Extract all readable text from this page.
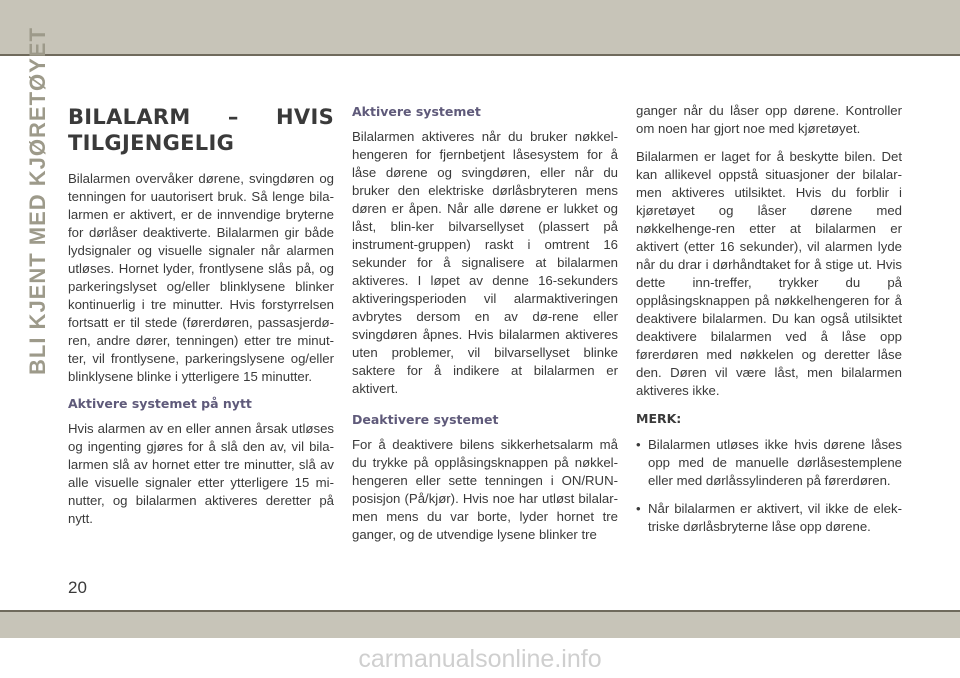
BLI KJENT MED KJØRETØYET BILALARM – HVIS TILGJENGELIG

Bilalarmen overvåker dørene, svingdøren og tenningen for uautorisert bruk. Så lenge bila-larmen er aktivert, er de innvendige bryterne for dørlåser deaktiverte. Bilalarmen gir både lydsignaler og visuelle signaler når alarmen utløses. Hornet lyder, frontlysene slås på, og parkeringslyset og/eller blinklysene blinker kontinuerlig i tre minutter. Hvis forstyrrelsen fortsatt er til stede (førerdøren, passasjerdø-ren, andre dører, tenningen) etter tre minut-ter, vil frontlysene, parkeringslysene og/eller blinklysene blinke i ytterligere 15 minutter.

Aktivere systemet på nytt

Hvis alarmen av en eller annen årsak utløses og ingenting gjøres for å slå den av, vil bila-larmen slå av hornet etter tre minutter, slå av alle visuelle signaler etter ytterligere 15 mi-nutter, og bilalarmen aktiveres deretter på nytt.

Aktivere systemet

Bilalarmen aktiveres når du bruker nøkkel-hengeren for fjernbetjent låsesystem for å låse dørene og svingdøren, eller når du bruker den elektriske dørlåsbryteren mens døren er åpen. Når alle dørene er lukket og låst, blin-ker bilvarsellyset (plassert på instrument-gruppen) raskt i omtrent 16 sekunder for å signalisere at bilalarmen aktiveres. I løpet av denne 16-sekunders aktiveringsperioden vil alarmaktiveringen avbrytes dersom en av dø-rene eller svingdøren åpnes. Hvis bilalarmen aktiveres uten problemer, vil bilvarsellyset blinke saktere for å indikere at bilalarmen er aktivert.

Deaktivere systemet

For å deaktivere bilens sikkerhetsalarm må du trykke på opplåsingsknappen på nøkkel-hengeren eller sette tenningen i ON/RUN-posisjon (På/kjør). Hvis noe har utløst bilalar-men mens du var borte, lyder hornet tre ganger, og de utvendige lysene blinker tre

ganger når du låser opp dørene. Kontroller om noen har gjort noe med kjøretøyet.

Bilalarmen er laget for å beskytte bilen. Det kan allikevel oppstå situasjoner der bilalar-men aktiveres utilsiktet. Hvis du forblir i kjøretøyet og låser dørene med nøkkelhenge-ren etter at bilalarmen er aktivert (etter 16 sekunder), vil alarmen lyde når du drar i dørhåndtaket for å stige ut. Hvis dette inn-treffer, trykker du på opplåsingsknappen på nøkkelhengeren for å deaktivere bilalarmen. Du kan også utilsiktet deaktivere bilalarmen ved å låse opp førerdøren med nøkkelen og deretter låse den. Døren vil være låst, men bilalarmen aktiveres ikke.

MERK:
• Bilalarmen utløses ikke hvis dørene låses opp med de manuelle dørlåsestemplene eller med dørlåssylinderen på førerdøren.
• Når bilalarmen er aktivert, vil ikke de elek-triske dørlåsbryterne låse opp dørene.
20
carmanualsonline.info
